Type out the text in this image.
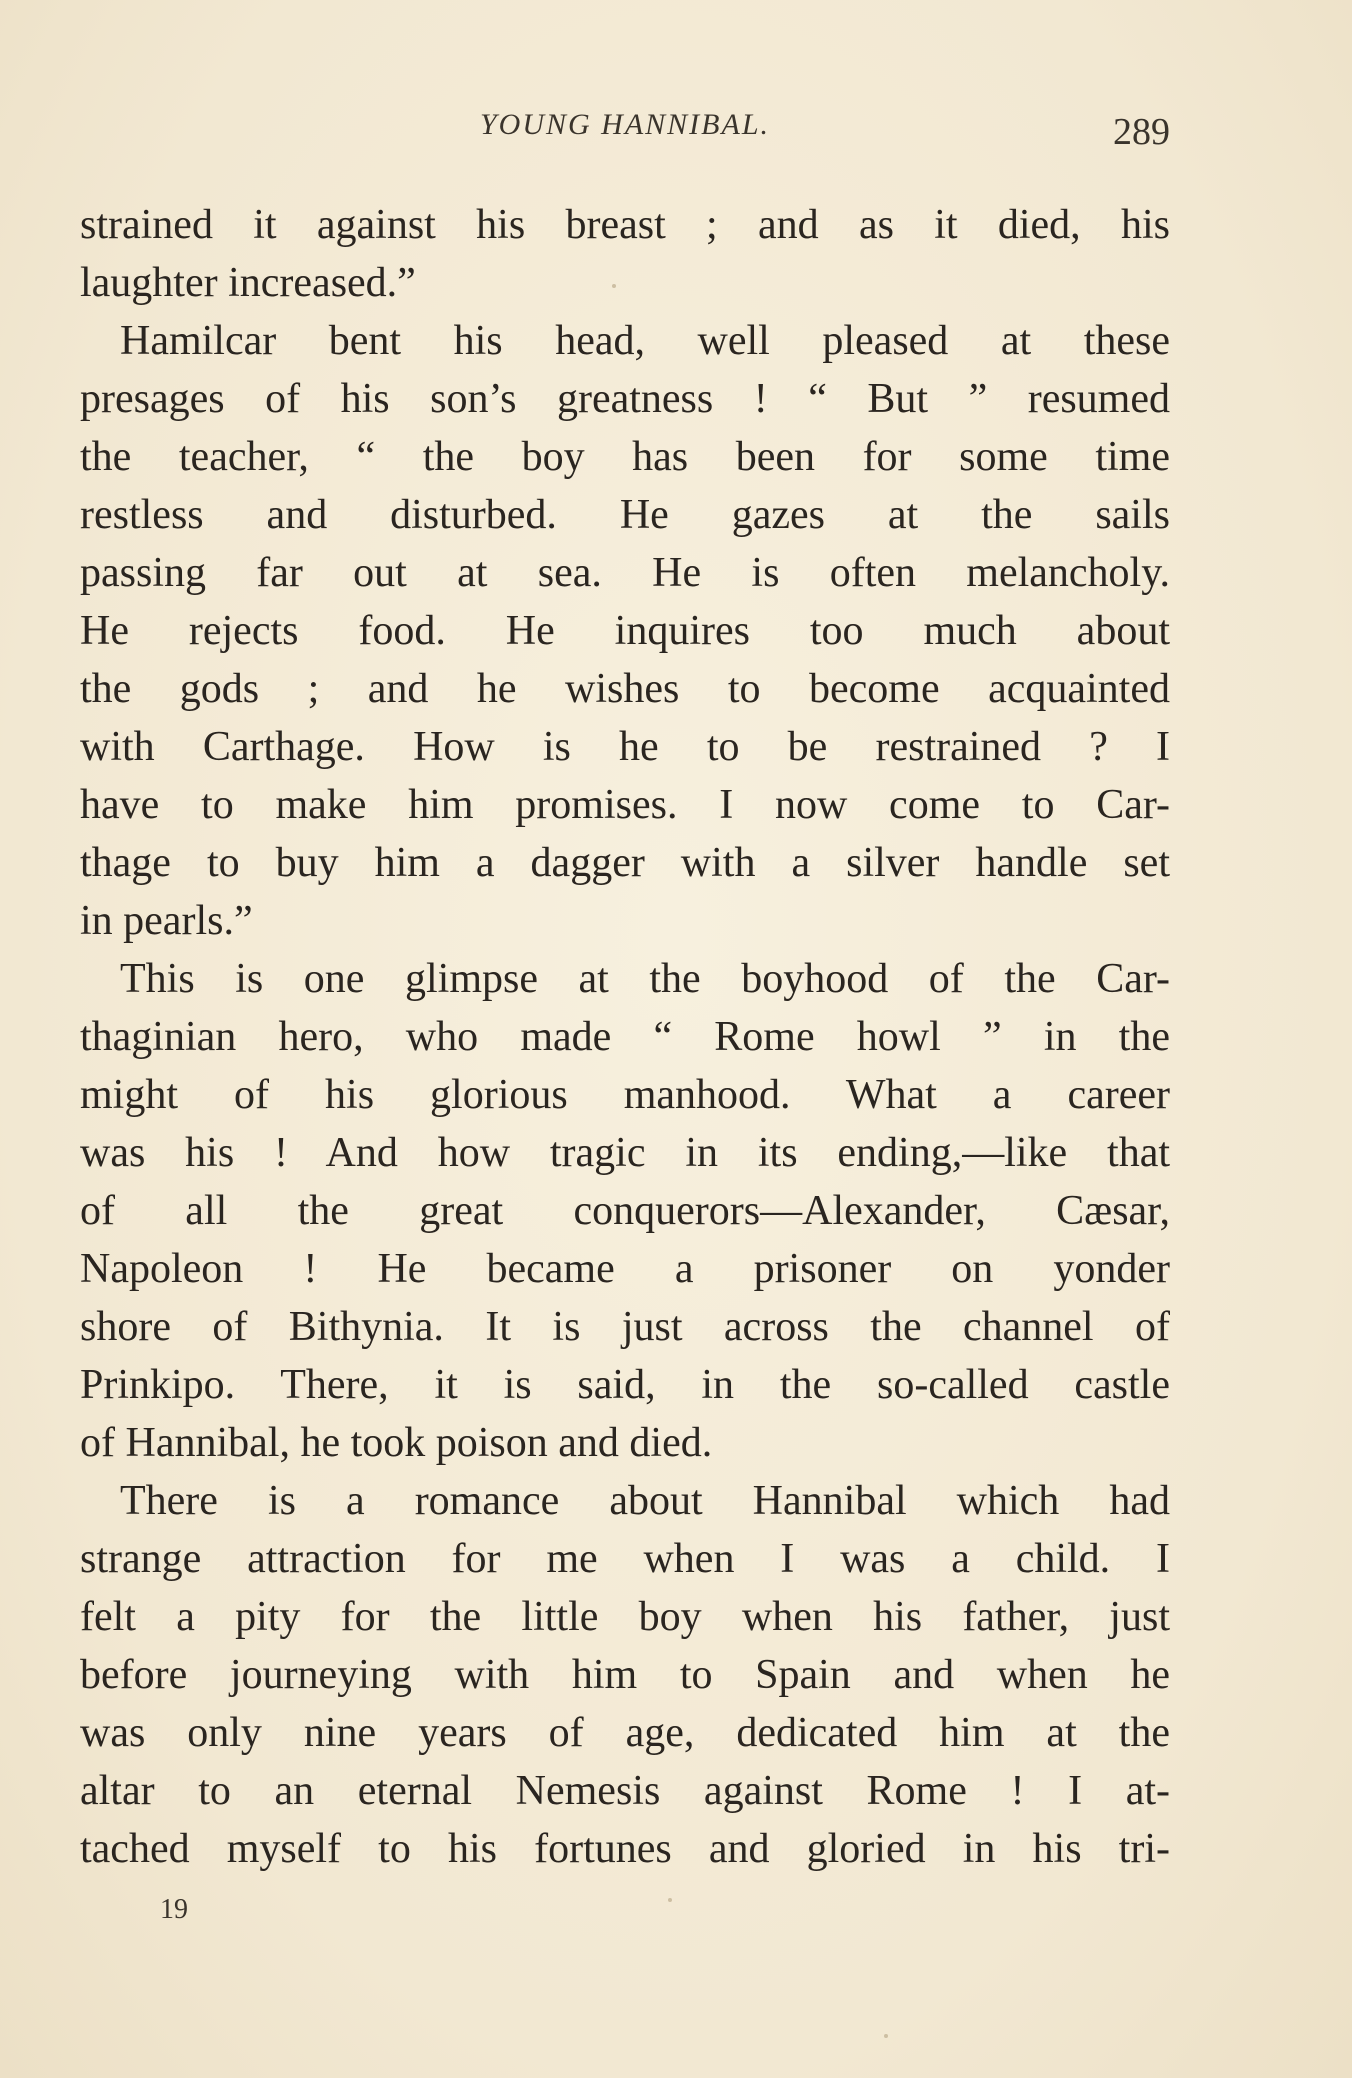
YOUNG HANNIBAL.	289
strained it against his breast ; and as it died, his
laughter increased.”
Hamilcar bent his head, well pleased at these
presages of his son’s greatness ! “ But ” resumed
the teacher, “ the boy has been for some time
restless and disturbed. He gazes at the sails
passing far out at sea. He is often melancholy.
He rejects food. He inquires too much about
the gods ; and he wishes to become acquainted
with Carthage. How is he to be restrained ? I
have to make him promises. I now come to Car-
thage to buy him a dagger with a silver handle set
in pearls.”
This is one glimpse at the boyhood of the Car-
thaginian hero, who made “ Rome howl ” in the
might of his glorious manhood. What a career
was his ! And how tragic in its ending,—like that
of all the great conquerors—Alexander, Cæsar,
Napoleon ! He became a prisoner on yonder
shore of Bithynia. It is just across the channel of
Prinkipo. There, it is said, in the so-called castle
of Hannibal, he took poison and died.
There is a romance about Hannibal which had
strange attraction for me when I was a child. I
felt a pity for the little boy when his father, just
before journeying with him to Spain and when he
was only nine years of age, dedicated him at the
altar to an eternal Nemesis against Rome ! I at-
tached myself to his fortunes and gloried in his tri-
19
